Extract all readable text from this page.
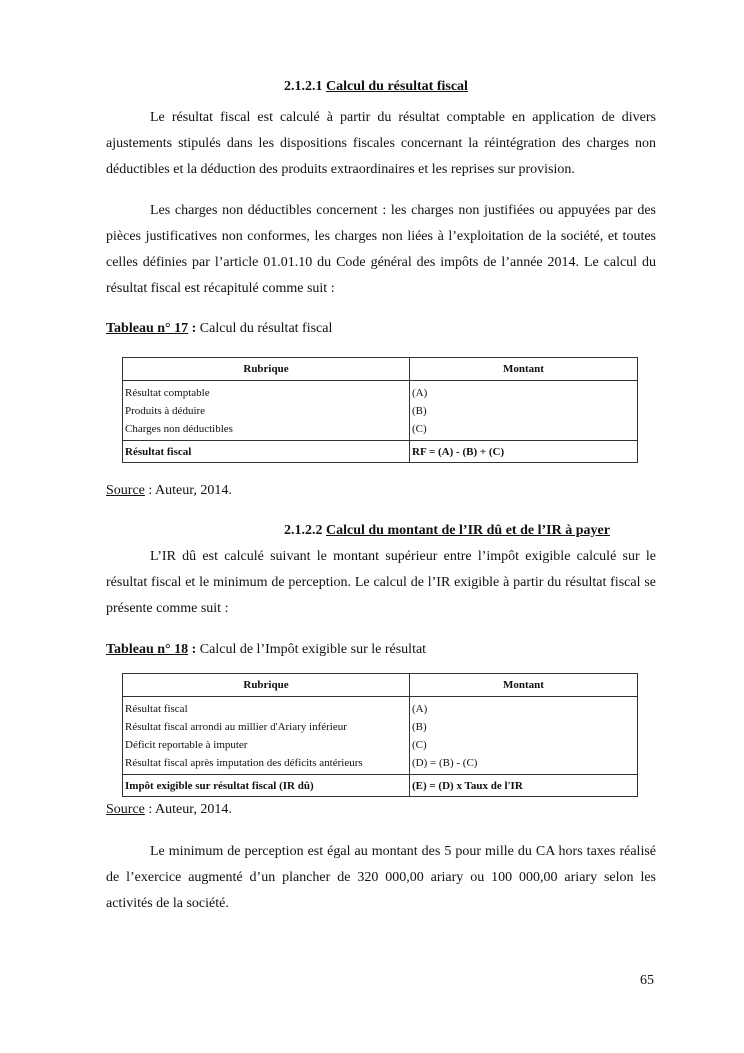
2.1.2.1 Calcul du résultat fiscal
Le résultat fiscal est calculé à partir du résultat comptable en application de divers ajustements stipulés dans les dispositions fiscales concernant la réintégration des charges non déductibles et la déduction des produits extraordinaires et les reprises sur provision.
Les charges non déductibles concernent : les charges non justifiées ou appuyées par des pièces justificatives non conformes, les charges non liées à l’exploitation de la société, et toutes celles définies par l’article 01.01.10 du Code général des impôts de l’année 2014. Le calcul du résultat fiscal est récapitulé comme suit :
Tableau n° 17 : Calcul du résultat fiscal
Rubrique	Montant
Résultat comptable	(A)
Produits à déduire	(B)
Charges non déductibles	(C)
Résultat fiscal	RF = (A) - (B) + (C)
Source : Auteur, 2014.
2.1.2.2 Calcul du montant de l’IR dû et de l’IR à payer
L’IR dû est calculé suivant le montant supérieur entre l’impôt exigible calculé sur le résultat fiscal et le minimum de perception. Le calcul de l’IR exigible à partir du résultat fiscal se présente comme suit :
Tableau n° 18 : Calcul de l’Impôt exigible sur le résultat
Rubrique	Montant
Résultat fiscal	(A)
Résultat fiscal arrondi au millier d'Ariary inférieur	(B)
Déficit reportable à imputer	(C)
Résultat fiscal après imputation des déficits antérieurs	(D) = (B) - (C)
Impôt exigible sur résultat fiscal (IR dû)	(E) = (D) x Taux de l'IR
Source : Auteur, 2014.
Le minimum de perception est égal au montant des 5 pour mille du CA hors taxes réalisé de l’exercice augmenté d’un plancher de 320 000,00 ariary ou 100 000,00 ariary selon les activités de la société.
65
